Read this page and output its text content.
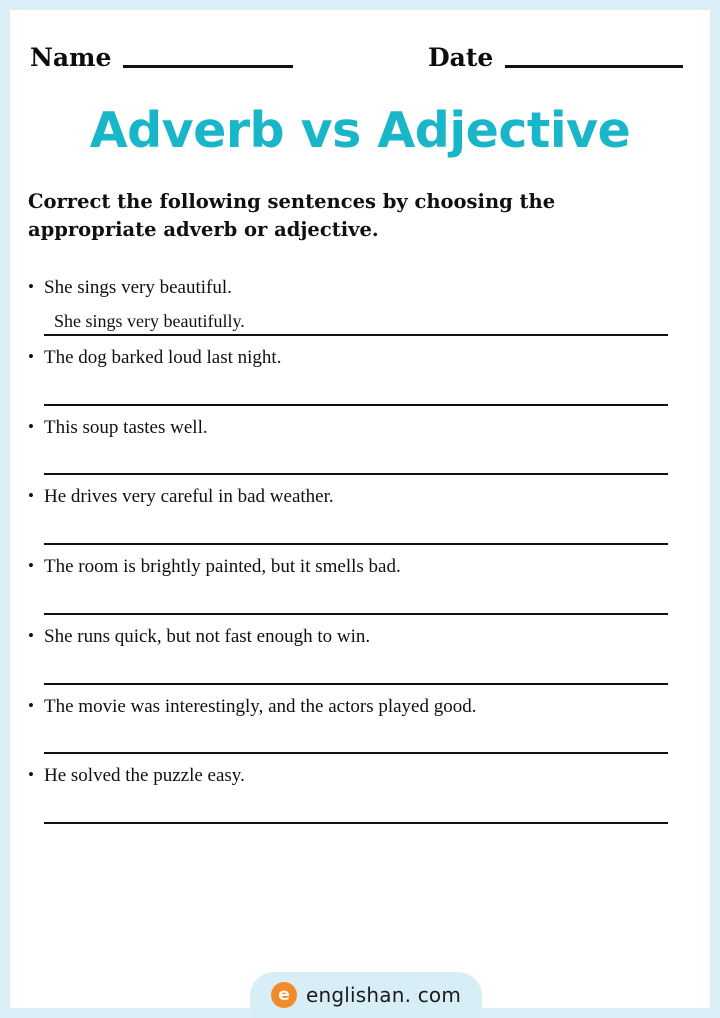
Name	Date
Adverb vs Adjective
Correct the following sentences by choosing the appropriate adverb or adjective.
• She sings very beautiful.
She sings very beautifully.
• The dog barked loud last night.
• This soup tastes well.
• He drives very careful in bad weather.
• The room is brightly painted, but it smells bad.
• She runs quick, but not fast enough to win.
• The movie was interestingly, and the actors played good.
• He solved the puzzle easy.
e englishan. com
